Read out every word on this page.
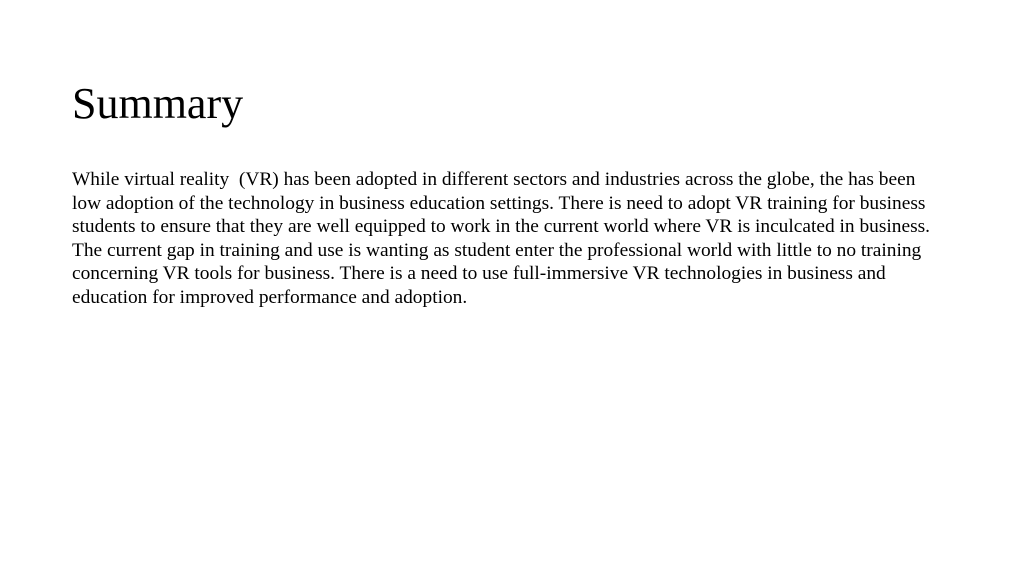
Summary

While virtual reality  (VR) has been adopted in different sectors and industries across the globe, the has been low adoption of the technology in business education settings. There is need to adopt VR training for business students to ensure that they are well equipped to work in the current world where VR is inculcated in business. The current gap in training and use is wanting as student enter the professional world with little to no training concerning VR tools for business. There is a need to use full-immersive VR technologies in business and education for improved performance and adoption.
